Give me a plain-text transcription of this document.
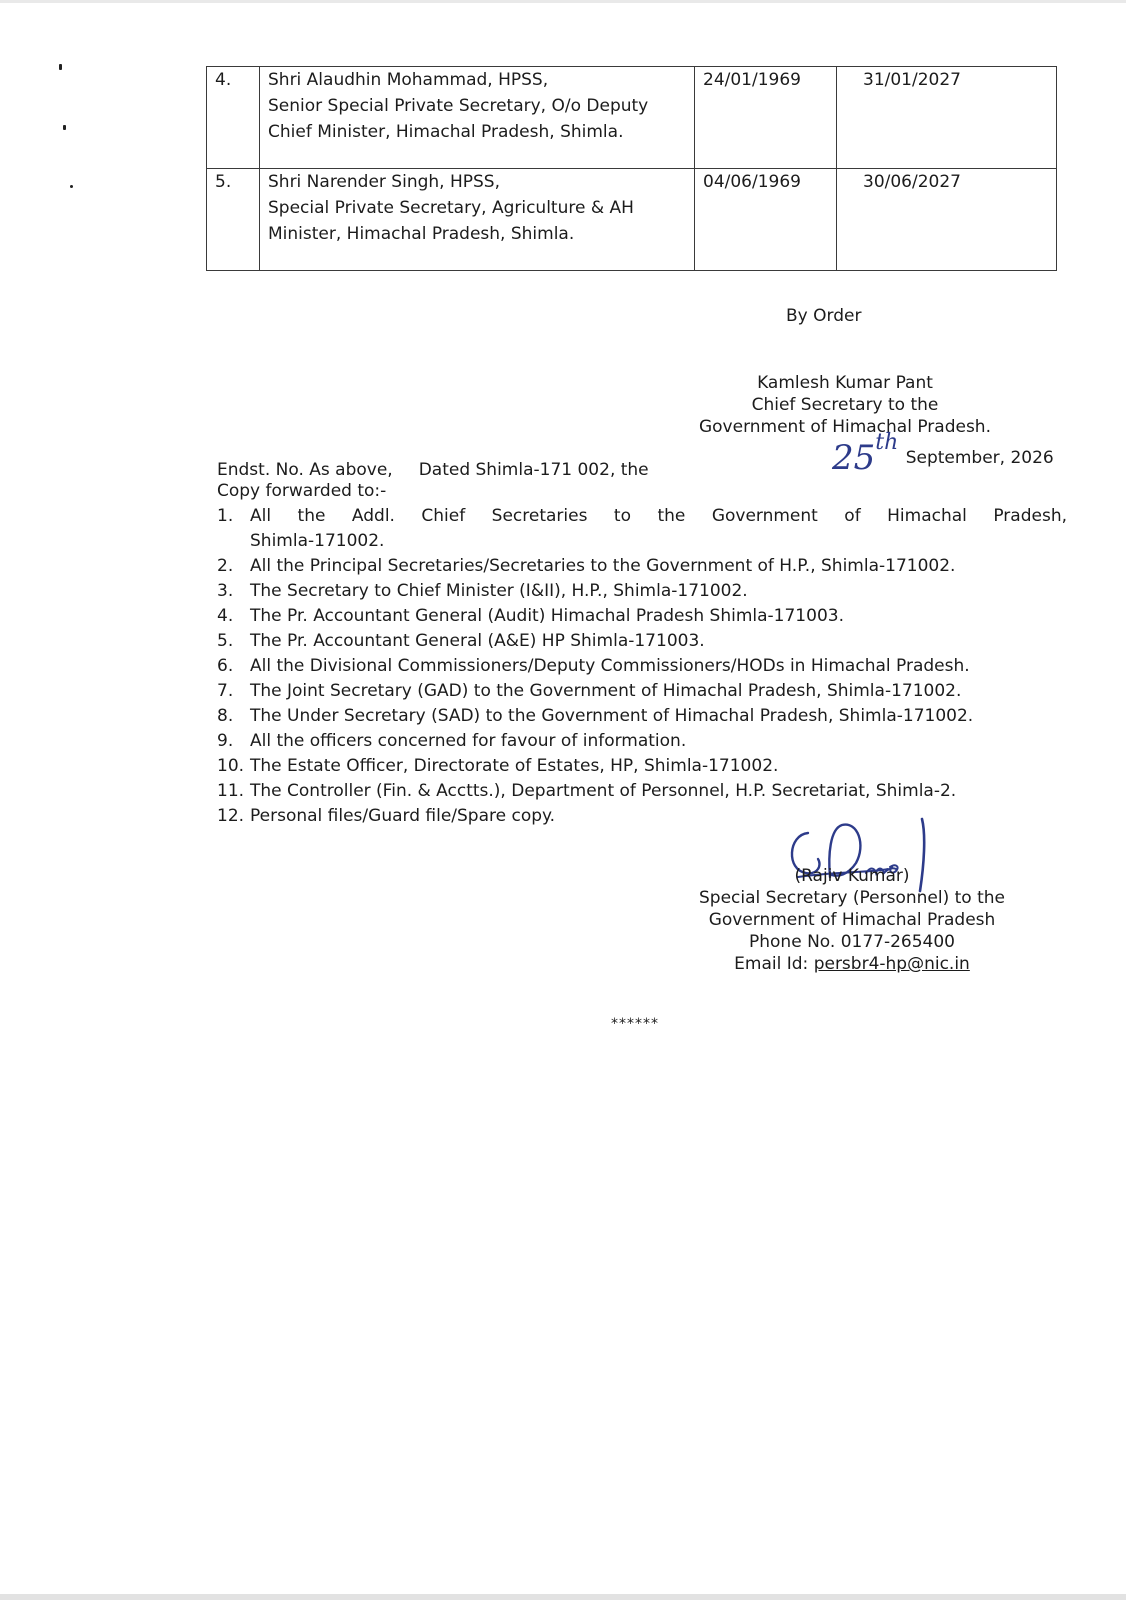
4.	Shri Alaudhin Mohammad, HPSS,
Senior Special Private Secretary, O/o Deputy
Chief Minister, Himachal Pradesh, Shimla.	24/01/1969	31/01/2027
5.	Shri Narender Singh, HPSS,
Special Private Secretary, Agriculture & AH
Minister, Himachal Pradesh, Shimla.	04/06/1969	30/06/2027
By Order
Kamlesh Kumar Pant
Chief Secretary to the
Government of Himachal Pradesh.
Endst. No. As above, Dated Shimla-171 002, the	25th September, 2026
Copy forwarded to:-
1. All the Addl. Chief Secretaries to the Government of Himachal Pradesh,
Shimla-171002.
2. All the Principal Secretaries/Secretaries to the Government of H.P., Shimla-171002.
3. The Secretary to Chief Minister (I&II), H.P., Shimla-171002.
4. The Pr. Accountant General (Audit) Himachal Pradesh Shimla-171003.
5. The Pr. Accountant General (A&E) HP Shimla-171003.
6. All the Divisional Commissioners/Deputy Commissioners/HODs in Himachal Pradesh.
7. The Joint Secretary (GAD) to the Government of Himachal Pradesh, Shimla-171002.
8. The Under Secretary (SAD) to the Government of Himachal Pradesh, Shimla-171002.
9. All the officers concerned for favour of information.
10. The Estate Officer, Directorate of Estates, HP, Shimla-171002.
11. The Controller (Fin. & Acctts.), Department of Personnel, H.P. Secretariat, Shimla-2.
12. Personal files/Guard file/Spare copy.
(Rajiv Kumar)
Special Secretary (Personnel) to the
Government of Himachal Pradesh
Phone No. 0177-265400
Email Id: persbr4-hp@nic.in
******
